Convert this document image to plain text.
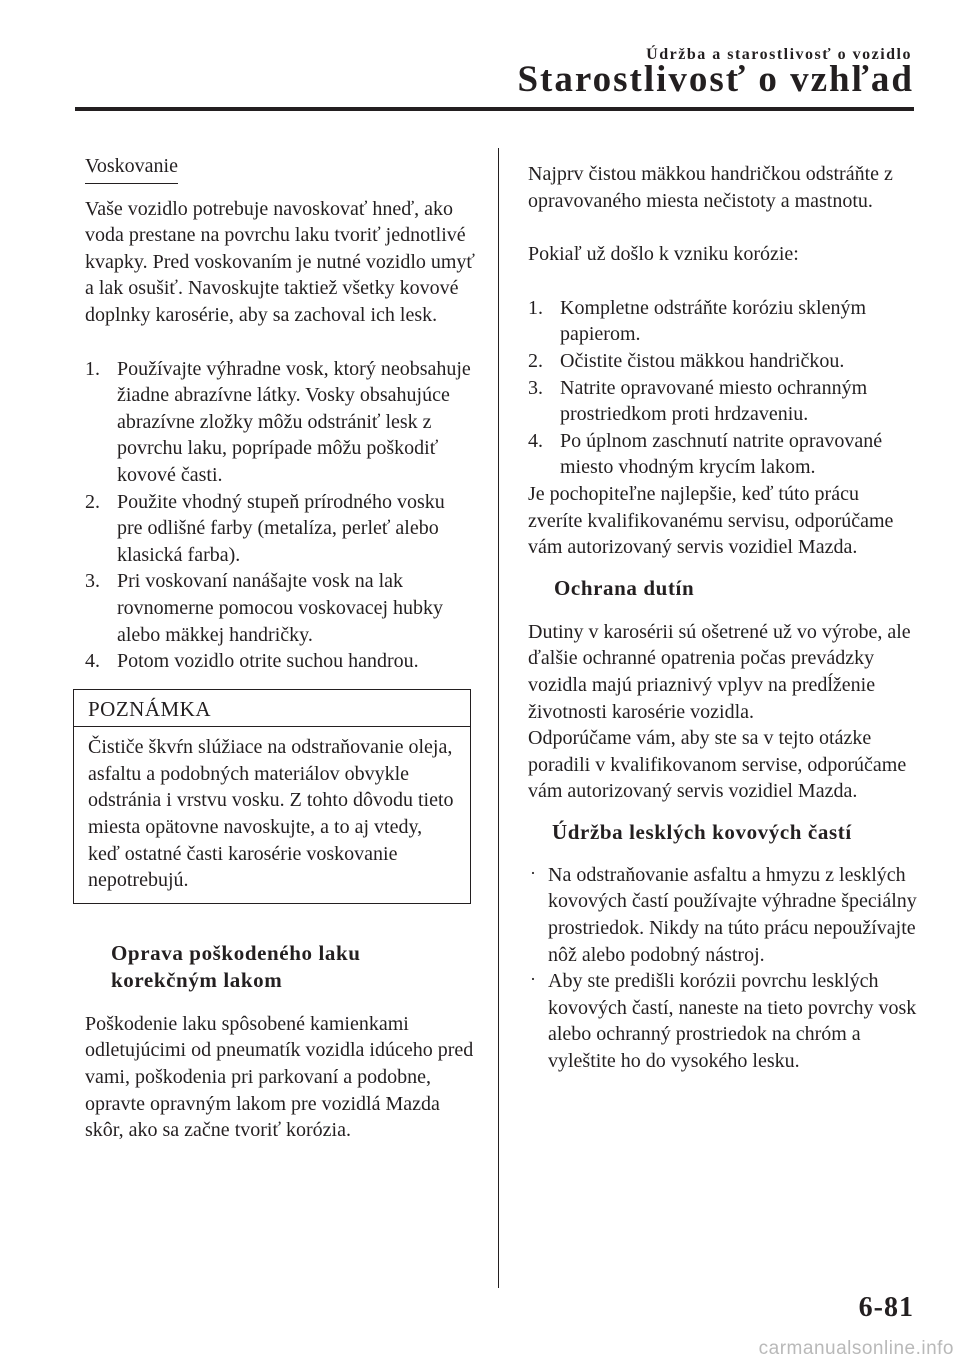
Údržba a starostlivosť o vozidlo
Starostlivosť o vzhľad

Voskovanie

Vaše vozidlo potrebuje navoskovať hneď, ako voda prestane na povrchu laku tvoriť jednotlivé kvapky. Pred voskovaním je nutné vozidlo umyť a lak osušiť. Navoskujte taktiež všetky kovové doplnky karosérie, aby sa zachoval ich lesk.

1. Používajte výhradne vosk, ktorý neobsahuje žiadne abrazívne látky. Vosky obsahujúce abrazívne zložky môžu odstrániť lesk z povrchu laku, poprípade môžu poškodiť kovové časti.
2. Použite vhodný stupeň prírodného vosku pre odlišné farby (metalíza, perleť alebo klasická farba).
3. Pri voskovaní nanášajte vosk na lak rovnomerne pomocou voskovacej hubky alebo mäkkej handričky.
4. Potom vozidlo otrite suchou handrou.
POZNÁMKA
Čističe škvŕn slúžiace na odstraňovanie oleja, asfaltu a podobných materiálov obvykle odstránia i vrstvu vosku. Z tohto dôvodu tieto miesta opätovne navoskujte, a to aj vtedy, keď ostatné časti karosérie voskovanie nepotrebujú.
Oprava poškodeného laku
korekčným lakom

Poškodenie laku spôsobené kamienkami odletujúcimi od pneumatík vozidla idúceho pred vami, poškodenia pri parkovaní a podobne, opravte opravným lakom pre vozidlá Mazda skôr, ako sa začne tvoriť korózia.

Najprv čistou mäkkou handričkou odstráňte z opravovaného miesta nečistoty a mastnotu.

Pokiaľ už došlo k vzniku korózie:

1. Kompletne odstráňte koróziu skleným papierom.
2. Očistite čistou mäkkou handričkou.
3. Natrite opravované miesto ochranným prostriedkom proti hrdzaveniu.
4. Po úplnom zaschnutí natrite opravované miesto vhodným krycím lakom.

Je pochopiteľne najlepšie, keď túto prácu zveríte kvalifikovanému servisu, odporúčame vám autorizovaný servis vozidiel Mazda.

Ochrana dutín

Dutiny v karosérii sú ošetrené už vo výrobe, ale ďalšie ochranné opatrenia počas prevádzky vozidla majú priaznivý vplyv na predĺženie životnosti karosérie vozidla.

Odporúčame vám, aby ste sa v tejto otázke poradili v kvalifikovanom servise, odporúčame vám autorizovaný servis vozidiel Mazda.

Údržba lesklých kovových častí
· Na odstraňovanie asfaltu a hmyzu z lesklých kovových častí používajte výhradne špeciálny prostriedok. Nikdy na túto prácu nepoužívajte nôž alebo podobný nástroj.
· Aby ste predišli korózii povrchu lesklých kovových častí, naneste na tieto povrchy vosk alebo ochranný prostriedok na chróm a vyleštite ho do vysokého lesku.
6-81
carmanualsonline.info
